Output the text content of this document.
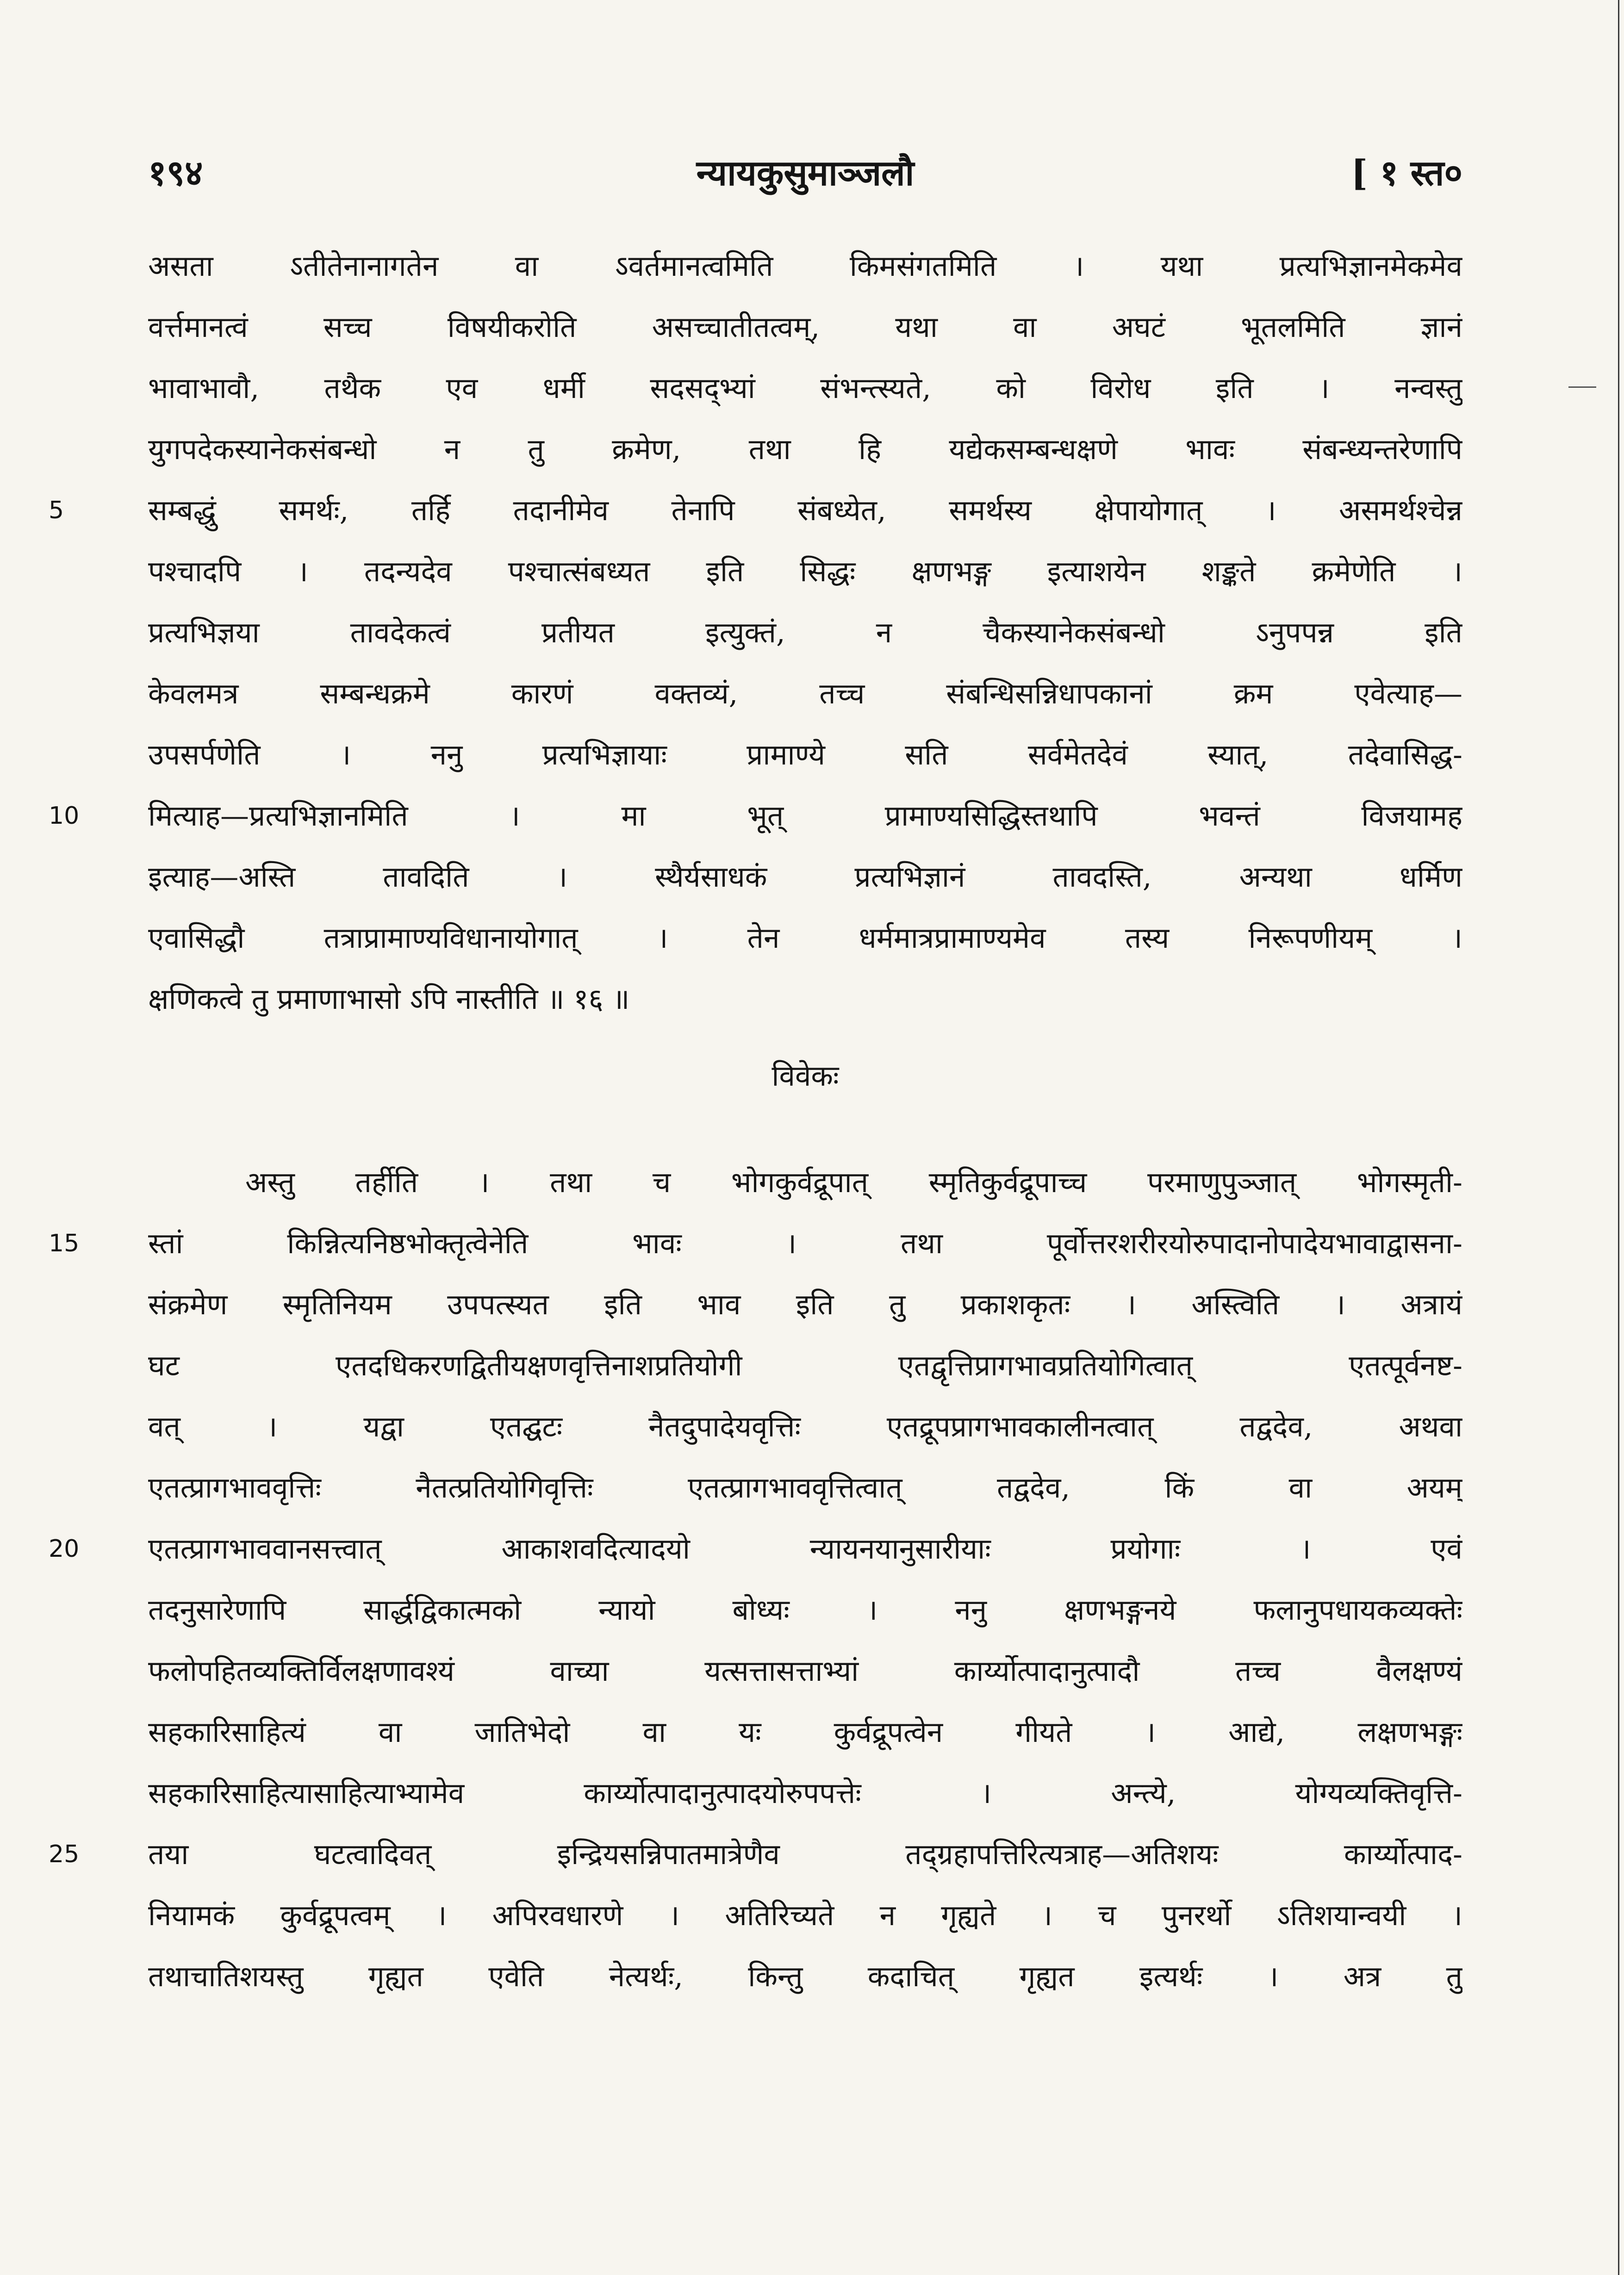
१९४	न्यायकुसुमाञ्जलौ	[ १ स्त०
असता ऽतीतेनानागतेन वा ऽवर्तमानत्वमिति किमसंगतमिति । यथा प्रत्यभिज्ञानमेकमेव
वर्त्तमानत्वं सच्च विषयीकरोति असच्चातीतत्वम्, यथा वा अघटं भूतलमिति ज्ञानं
भावाभावौ, तथैक एव धर्मी सदसद्भ्यां संभन्त्स्यते, को विरोध इति । नन्वस्तु
युगपदेकस्यानेकसंबन्धो न तु क्रमेण, तथा हि यद्येकसम्बन्धक्षणे भावः संबन्ध्यन्तरेणापि
सम्बद्धुं समर्थः, तर्हि तदानीमेव तेनापि संबध्येत, समर्थस्य क्षेपायोगात् । असमर्थश्चेन्न
पश्चादपि । तदन्यदेव पश्चात्संबध्यत इति सिद्धः क्षणभङ्ग इत्याशयेन शङ्कते क्रमेणेति ।
प्रत्यभिज्ञया तावदेकत्वं प्रतीयत इत्युक्तं, न चैकस्यानेकसंबन्धो ऽनुपपन्न इति
केवलमत्र सम्बन्धक्रमे कारणं वक्तव्यं, तच्च संबन्धिसन्निधापकानां क्रम एवेत्याह—
उपसर्पणेति । ननु प्रत्यभिज्ञायाः प्रामाण्ये सति सर्वमेतदेवं स्यात्, तदेवासिद्ध-
मित्याह—प्रत्यभिज्ञानमिति । मा भूत् प्रामाण्यसिद्धिस्तथापि भवन्तं विजयामह
इत्याह—अस्ति तावदिति । स्थैर्यसाधकं प्रत्यभिज्ञानं तावदस्ति, अन्यथा धर्मिण
एवासिद्धौ तत्राप्रामाण्यविधानायोगात् । तेन धर्ममात्रप्रामाण्यमेव तस्य निरूपणीयम् ।
क्षणिकत्वे तु प्रमाणाभासो ऽपि नास्तीति ॥ १६ ॥
विवेकः
अस्तु तर्हीति । तथा च भोगकुर्वद्रूपात् स्मृतिकुर्वद्रूपाच्च परमाणुपुञ्जात् भोगस्मृती-
स्तां किन्नित्यनिष्ठभोक्तृत्वेनेति भावः । तथा पूर्वोत्तरशरीरयोरुपादानोपादेयभावाद्वासना-
संक्रमेण स्मृतिनियम उपपत्स्यत इति भाव इति तु प्रकाशकृतः । अस्त्विति । अत्रायं
घट एतदधिकरणद्वितीयक्षणवृत्तिनाशप्रतियोगी एतद्वृत्तिप्रागभावप्रतियोगित्वात् एतत्पूर्वनष्ट-
वत् । यद्वा एतद्घटः नैतदुपादेयवृत्तिः एतद्रूपप्रागभावकालीनत्वात् तद्वदेव, अथवा
एतत्प्रागभाववृत्तिः नैतत्प्रतियोगिवृत्तिः एतत्प्रागभाववृत्तित्वात् तद्वदेव, किं वा अयम्
एतत्प्रागभाववानसत्त्वात् आकाशवदित्यादयो न्यायनयानुसारीयाः प्रयोगाः । एवं
तदनुसारेणापि सार्द्धद्विकात्मको न्यायो बोध्यः । ननु क्षणभङ्गनये फलानुपधायकव्यक्तेः
फलोपहितव्यक्तिर्विलक्षणावश्यं वाच्या यत्सत्तासत्ताभ्यां कार्य्योत्पादानुत्पादौ तच्च वैलक्षण्यं
सहकारिसाहित्यं वा जातिभेदो वा यः कुर्वद्रूपत्वेन गीयते । आद्ये, लक्षणभङ्गः
सहकारिसाहित्यासाहित्याभ्यामेव कार्य्योत्पादानुत्पादयोरुपपत्तेः । अन्त्ये, योग्यव्यक्तिवृत्ति-
तया घटत्वादिवत् इन्द्रियसन्निपातमात्रेणैव तद्ग्रहापत्तिरित्यत्राह—अतिशयः कार्य्योत्पाद-
नियामकं कुर्वद्रूपत्वम् । अपिरवधारणे । अतिरिच्यते न गृह्यते । च पुनरर्थो ऽतिशयान्वयी ।
तथाचातिशयस्तु गृह्यत एवेति नेत्यर्थः, किन्तु कदाचित् गृह्यत इत्यर्थः । अत्र तु
5
10
15
20
25
